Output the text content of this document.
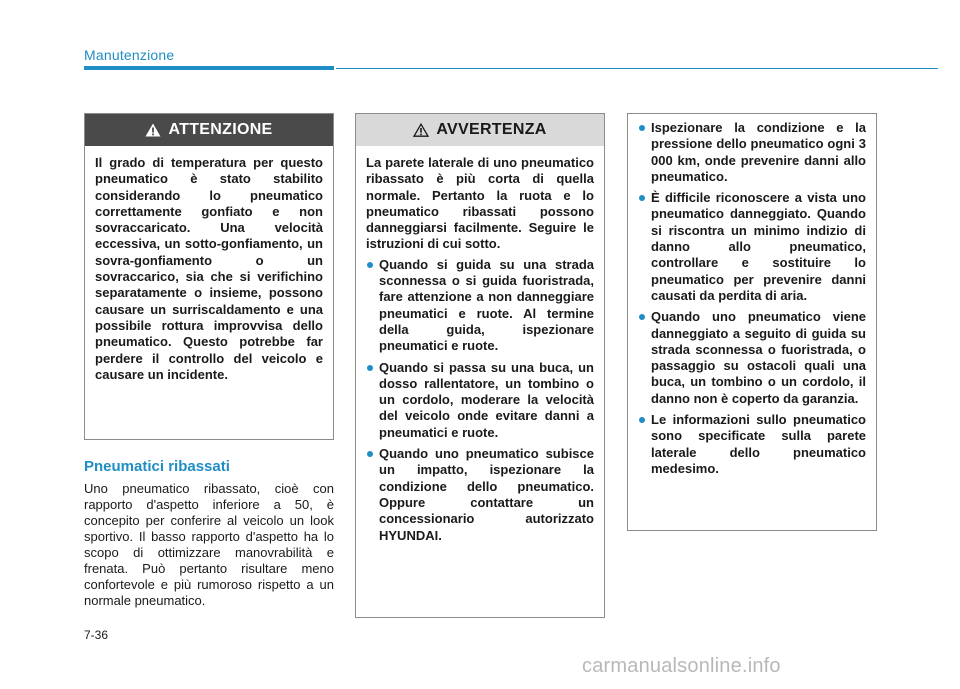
Manutenzione
ATTENZIONE

Il grado di temperatura per questo pneumatico è stato stabilito considerando lo pneumatico correttamente gonfiato e non sovraccaricato. Una velocità eccessiva, un sotto-gonfiamento, un sovra-gonfiamento o un sovraccarico, sia che si verifichino separatamente o insieme, possono causare un surriscaldamento e una possibile rottura improvvisa dello pneumatico. Questo potrebbe far perdere il controllo del veicolo e causare un incidente.

Pneumatici ribassati
Uno pneumatico ribassato, cioè con rapporto d'aspetto inferiore a 50, è concepito per conferire al veicolo un look sportivo. Il basso rapporto d'aspetto ha lo scopo di ottimizzare manovrabilità e frenata. Può pertanto risultare meno confortevole e più rumoroso rispetto a un normale pneumatico.
AVVERTENZA

La parete laterale di uno pneumatico ribassato è più corta di quella normale. Pertanto la ruota e lo pneumatico ribassati possono danneggiarsi facilmente. Seguire le istruzioni di cui sotto.

Quando si guida su una strada sconnessa o si guida fuoristrada, fare attenzione a non danneggiare pneumatici e ruote. Al termine della guida, ispezionare pneumatici e ruote.
Quando si passa su una buca, un dosso rallentatore, un tombino o un cordolo, moderare la velocità del veicolo onde evitare danni a pneumatici e ruote.
Quando uno pneumatico subisce un impatto, ispezionare la condizione dello pneumatico. Oppure contattare un concessionario autorizzato HYUNDAI.
Ispezionare la condizione e la pressione dello pneumatico ogni 3 000 km, onde prevenire danni allo pneumatico.
È difficile riconoscere a vista uno pneumatico danneggiato. Quando si riscontra un minimo indizio di danno allo pneumatico, controllare e sostituire lo pneumatico per prevenire danni causati da perdita di aria.
Quando uno pneumatico viene danneggiato a seguito di guida su strada sconnessa o fuoristrada, o passaggio su ostacoli quali una buca, un tombino o un cordolo, il danno non è coperto da garanzia.
Le informazioni sullo pneumatico sono specificate sulla parete laterale dello pneumatico medesimo.
7-36
carmanualsonline.info
